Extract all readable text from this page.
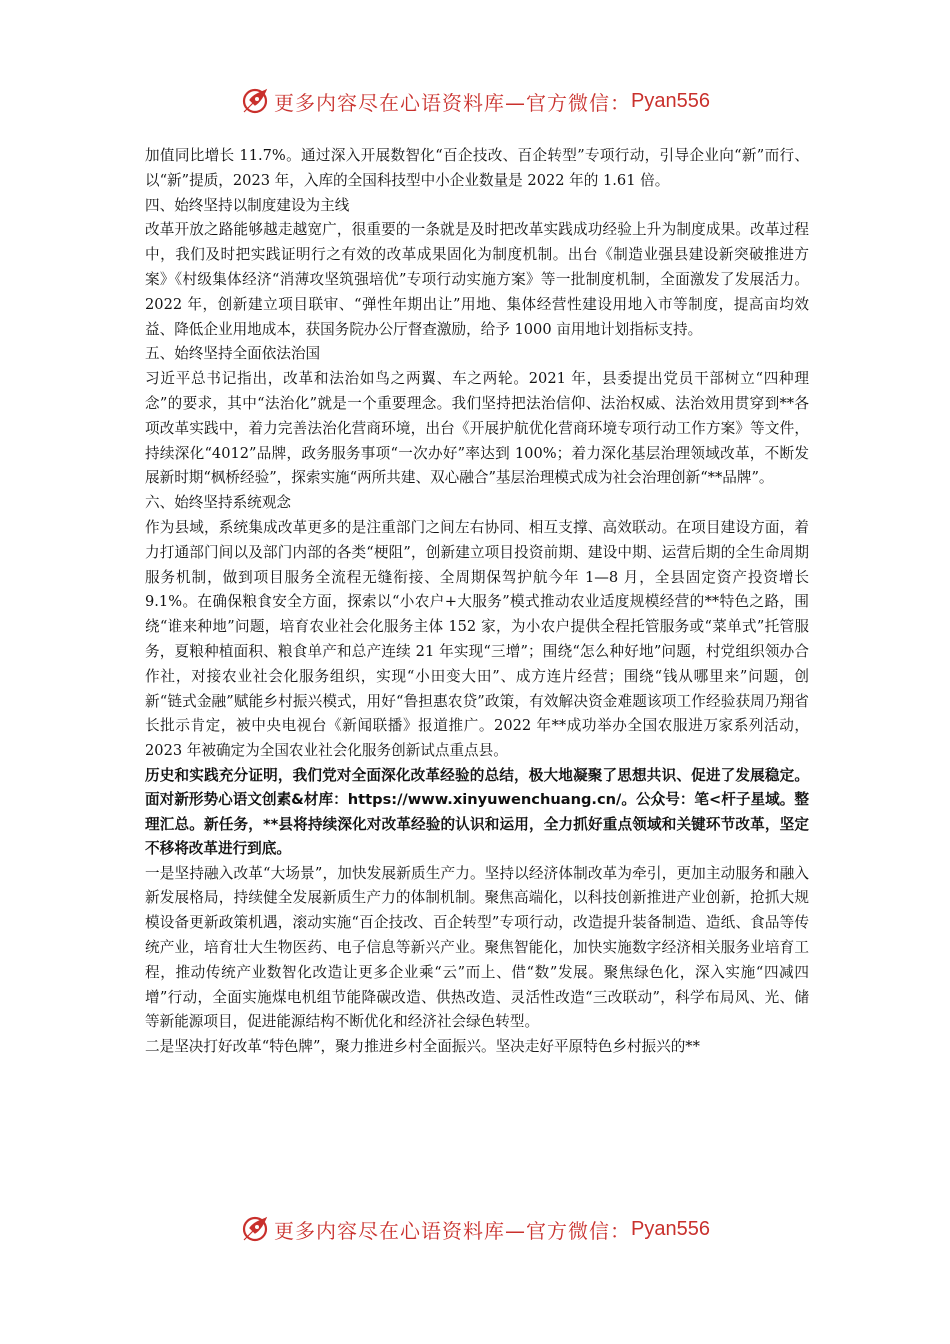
更多内容尽在心语资料库—官方微信： Pyan556

加值同比增长 11.7%。通过深入开展数智化“百企技改、百企转型”专项行动，引导企业向“新”而行、以“新”提质，2023 年，入库的全国科技型中小企业数量是 2022 年的 1.61 倍。

四、始终坚持以制度建设为主线

改革开放之路能够越走越宽广，很重要的一条就是及时把改革实践成功经验上升为制度成果。改革过程中，我们及时把实践证明行之有效的改革成果固化为制度机制。出台《制造业强县建设新突破推进方案》《村级集体经济“消薄攻坚筑强培优”专项行动实施方案》等一批制度机制，全面激发了发展活力。2022 年，创新建立项目联审、“弹性年期出让”用地、集体经营性建设用地入市等制度，提高亩均效益、降低企业用地成本，获国务院办公厅督查激励，给予 1000 亩用地计划指标支持。

五、始终坚持全面依法治国

习近平总书记指出，改革和法治如鸟之两翼、车之两轮。2021 年，县委提出党员干部树立“四种理念”的要求，其中“法治化”就是一个重要理念。我们坚持把法治信仰、法治权威、法治效用贯穿到**各项改革实践中，着力完善法治化营商环境，出台《开展护航优化营商环境专项行动工作方案》等文件，持续深化“4012”品牌，政务服务事项“一次办好”率达到 100%；着力深化基层治理领域改革，不断发展新时期“枫桥经验”，探索实施“两所共建、双心融合”基层治理模式成为社会治理创新“**品牌”。

六、始终坚持系统观念

作为县域，系统集成改革更多的是注重部门之间左右协同、相互支撑、高效联动。在项目建设方面，着力打通部门间以及部门内部的各类“梗阻”，创新建立项目投资前期、建设中期、运营后期的全生命周期服务机制，做到项目服务全流程无缝衔接、全周期保驾护航今年 1—8 月，全县固定资产投资增长 9.1%。在确保粮食安全方面，探索以“小农户+大服务”模式推动农业适度规模经营的**特色之路，围绕“谁来种地”问题，培育农业社会化服务主体 152 家，为小农户提供全程托管服务或“菜单式”托管服务，夏粮种植面积、粮食单产和总产连续 21 年实现“三增”；围绕“怎么种好地”问题，村党组织领办合作社，对接农业社会化服务组织，实现“小田变大田”、成方连片经营；围绕“钱从哪里来”问题，创新“链式金融”赋能乡村振兴模式，用好“鲁担惠农贷”政策，有效解决资金难题该项工作经验获周乃翔省长批示肯定，被中央电视台《新闻联播》报道推广。2022 年**成功举办全国农服进万家系列活动，2023 年被确定为全国农业社会化服务创新试点重点县。

历史和实践充分证明，我们党对全面深化改革经验的总结，极大地凝聚了思想共识、促进了发展稳定。面对新形势心语文创素&材库：https://www.xinyuwenchuang.cn/。公众号：笔<杆子星域。整理汇总。新任务，**县将持续深化对改革经验的认识和运用，全力抓好重点领域和关键环节改革，坚定不移将改革进行到底。

一是坚持融入改革“大场景”，加快发展新质生产力。坚持以经济体制改革为牵引，更加主动服务和融入新发展格局，持续健全发展新质生产力的体制机制。聚焦高端化，以科技创新推进产业创新，抢抓大规模设备更新政策机遇，滚动实施“百企技改、百企转型”专项行动，改造提升装备制造、造纸、食品等传统产业，培育壮大生物医药、电子信息等新兴产业。聚焦智能化，加快实施数字经济相关服务业培育工程，推动传统产业数智化改造让更多企业乘“云”而上、借“数”发展。聚焦绿色化，深入实施“四减四增”行动，全面实施煤电机组节能降碳改造、供热改造、灵活性改造“三改联动”，科学布局风、光、储等新能源项目，促进能源结构不断优化和经济社会绿色转型。

二是坚决打好改革“特色牌”，聚力推进乡村全面振兴。坚决走好平原特色乡村振兴的**

更多内容尽在心语资料库—官方微信： Pyan556
